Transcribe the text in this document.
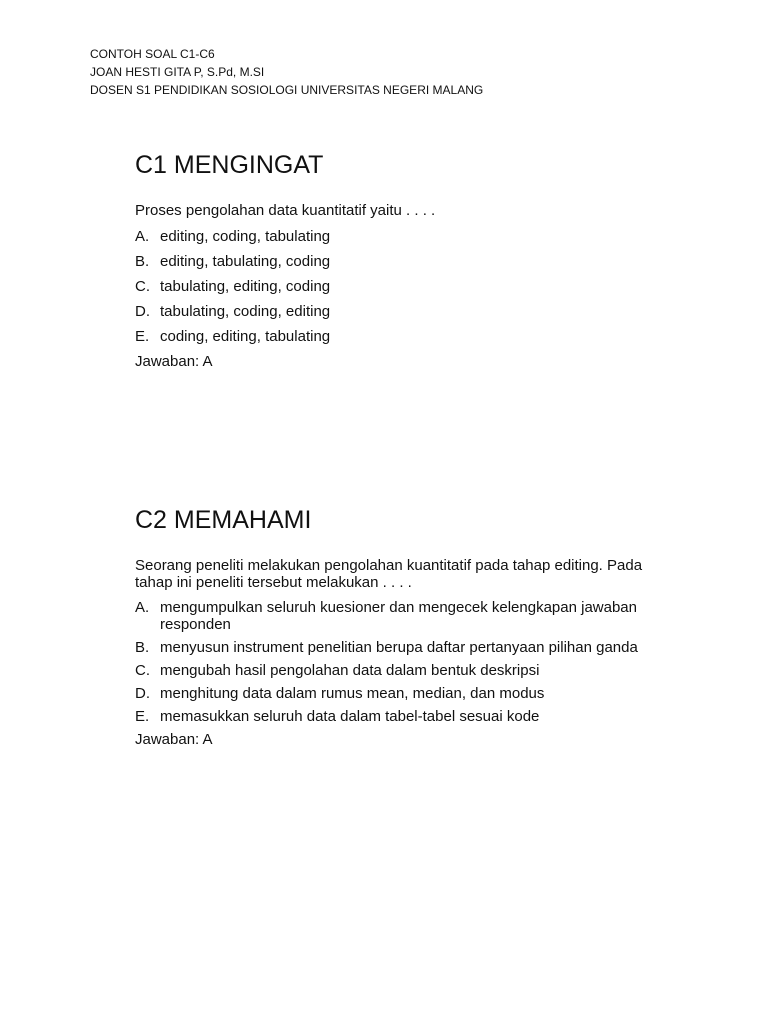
CONTOH SOAL C1-C6
JOAN HESTI GITA P, S.Pd, M.SI
DOSEN S1 PENDIDIKAN SOSIOLOGI UNIVERSITAS NEGERI MALANG
C1 MENGINGAT

Proses pengolahan data kuantitatif yaitu . . . .

A. editing, coding, tabulating
B. editing, tabulating, coding
C. tabulating, editing, coding
D. tabulating, coding, editing
E. coding, editing, tabulating

Jawaban: A

C2 MEMAHAMI

Seorang peneliti melakukan pengolahan kuantitatif pada tahap editing. Pada tahap ini peneliti tersebut melakukan . . . .

A. mengumpulkan seluruh kuesioner dan mengecek kelengkapan jawaban responden
B. menyusun instrument penelitian berupa daftar pertanyaan pilihan ganda
C. mengubah hasil pengolahan data dalam bentuk deskripsi
D. menghitung data dalam rumus mean, median, dan modus
E. memasukkan seluruh data dalam tabel-tabel sesuai kode

Jawaban: A
